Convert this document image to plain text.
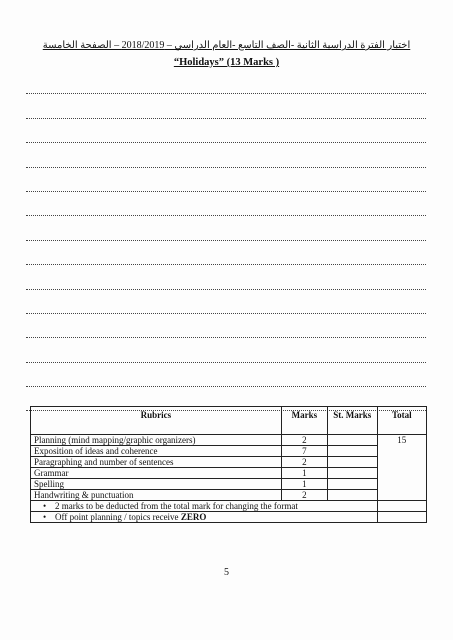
اختبار الفترة الدراسية الثانية -الصف التاسع -العام الدراسي – 2018/2019 – الصفحة الخامسة
“Holidays” (13 Marks )
Rubrics	Marks	St. Marks	Total
Planning (mind mapping/graphic organizers)	2		15
Exposition of ideas and coherence	7		
Paragraphing and number of sentences	2		
Grammar	1		
Spelling	1		
Handwriting & punctuation	2		
• 2 marks to be deducted from the total mark for changing the format			
• Off point planning / topics receive ZERO			
5
